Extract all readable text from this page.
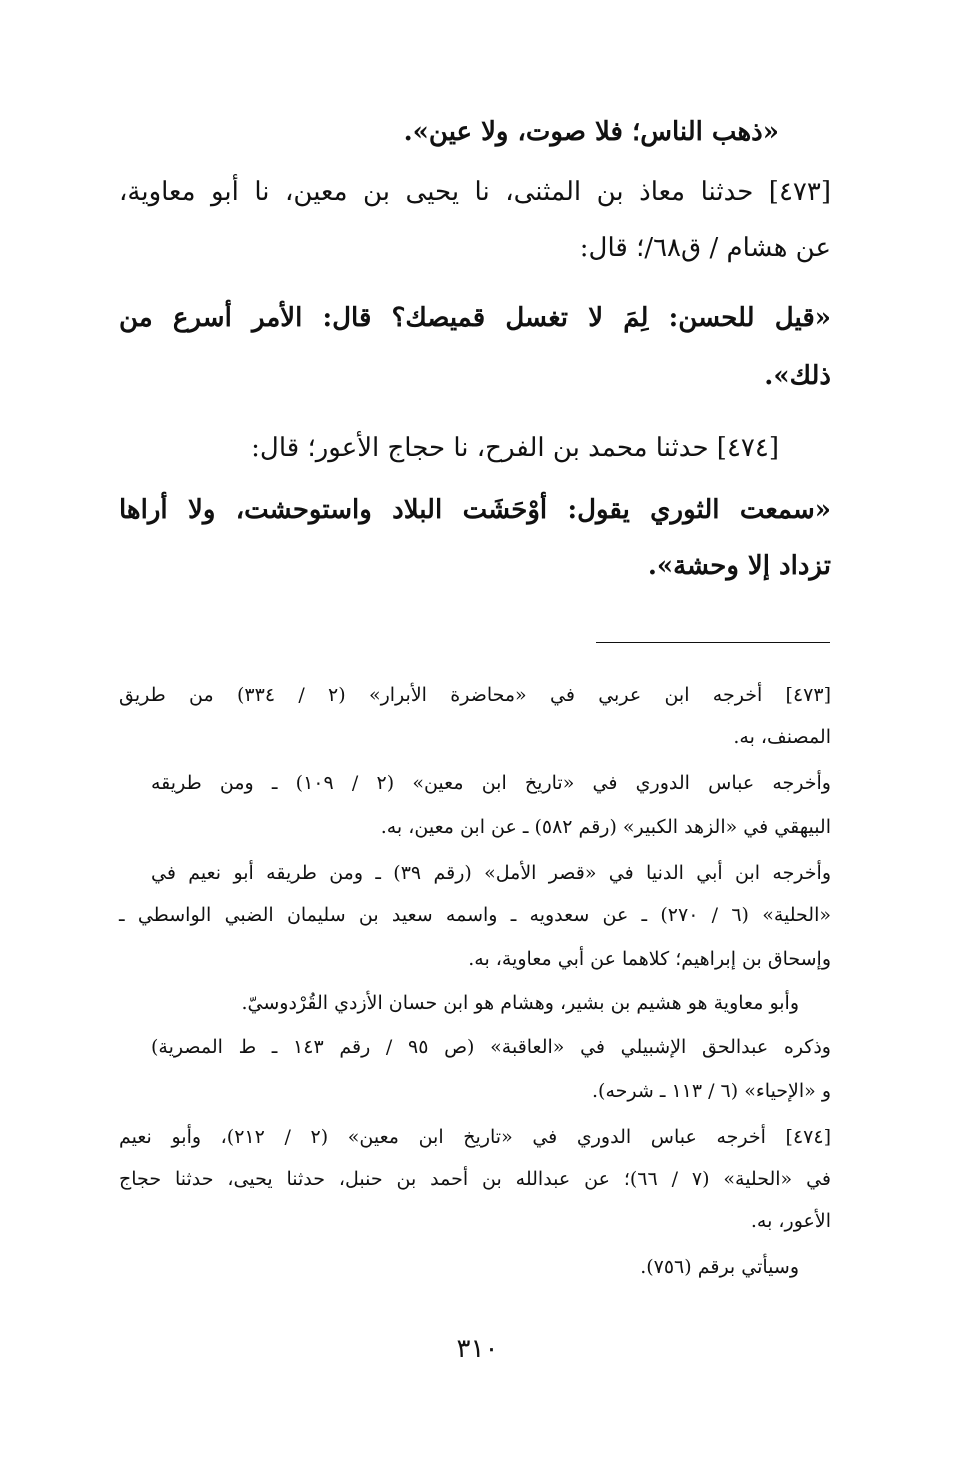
«ذهب الناس؛ فلا صوت، ولا عين».

[٤٧٣] حدثنا معاذ بن المثنى، نا يحيى بن معين، نا أبو معاوية،

عن هشام / ق٦٨/؛ قال:

«قيل للحسن: لِمَ لا تغسل قميصك؟ قال: الأمر أسرع من

ذلك».

[٤٧٤] حدثنا محمد بن الفرح، نا حجاج الأعور؛ قال:

«سمعت الثوري يقول: أوْحَشَت البلاد واستوحشت، ولا أراها

تزداد إلا وحشة».

[٤٧٣] أخرجه ابن عربي في «محاضرة الأبرار» (٢ / ٣٣٤) من طريق

المصنف، به.

وأخرجه عباس الدوري في «تاريخ ابن معين» (٢ / ١٠٩) ـ ومن طريقه

البيهقي في «الزهد الكبير» (رقم ٥٨٢) ـ عن ابن معين، به.

وأخرجه ابن أبي الدنيا في «قصر الأمل» (رقم ٣٩) ـ ومن طريقه أبو نعيم في

«الحلية» (٦ / ٢٧٠) ـ عن سعدويه ـ واسمه سعيد بن سليمان الضبي الواسطي ـ

وإسحاق بن إبراهيم؛ كلاهما عن أبي معاوية، به.

وأبو معاوية هو هشيم بن بشير، وهشام هو ابن حسان الأزدي القُرْدوسيّ.

وذكره عبدالحق الإشبيلي في «العاقبة» (ص ٩٥ / رقم ١٤٣ ـ ط المصرية)

و «الإحياء» (٦ / ١١٣ ـ شرحه).

[٤٧٤] أخرجه عباس الدوري في «تاريخ ابن معين» (٢ / ٢١٢)، وأبو نعيم

في «الحلية» (٧ / ٦٦)؛ عن عبدالله بن أحمد بن حنبل، حدثنا يحيى، حدثنا حجاج

الأعور، به.

وسيأتي برقم (٧٥٦).

٣١٠
